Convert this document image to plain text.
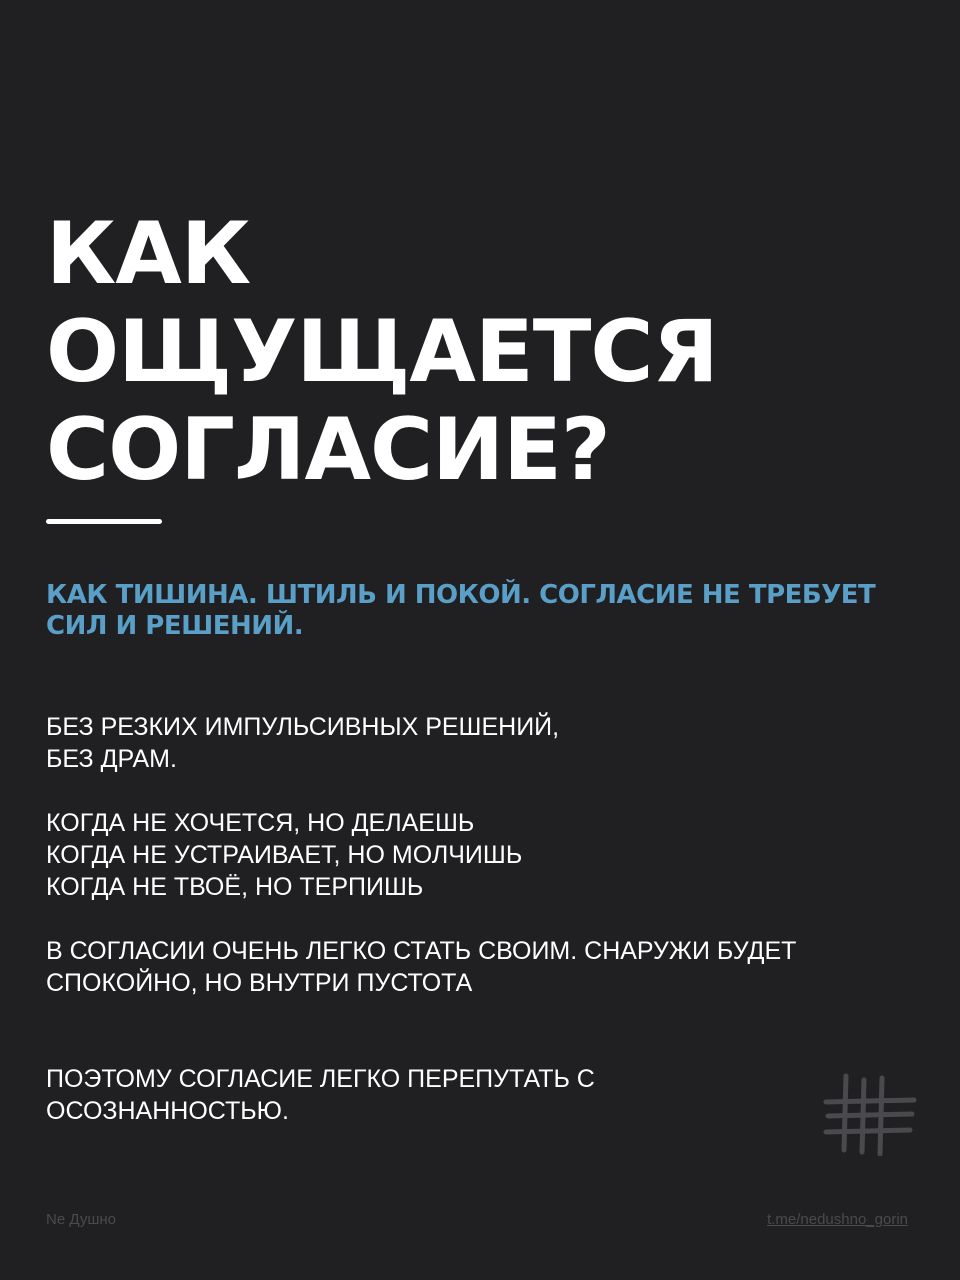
КАК
ОЩУЩАЕТСЯ
СОГЛАСИЕ?

КАК ТИШИНА. ШТИЛЬ И ПОКОЙ. СОГЛАСИЕ НЕ ТРЕБУЕТ СИЛ И РЕШЕНИЙ.

БЕЗ РЕЗКИХ ИМПУЛЬСИВНЫХ РЕШЕНИЙ,
БЕЗ ДРАМ.
КОГДА НЕ ХОЧЕТСЯ, НО ДЕЛАЕШЬ
КОГДА НЕ УСТРАИВАЕТ, НО МОЛЧИШЬ
КОГДА НЕ ТВОЁ, НО ТЕРПИШЬ
В СОГЛАСИИ ОЧЕНЬ ЛЕГКО СТАТЬ СВОИМ. СНАРУЖИ БУДЕТ
СПОКОЙНО, НО ВНУТРИ ПУСТОТА
ПОЭТОМУ СОГЛАСИЕ ЛЕГКО ПЕРЕПУТАТЬ С
ОСОЗНАННОСТЬЮ.
Ne Душно	t.me/nedushno_gorin
